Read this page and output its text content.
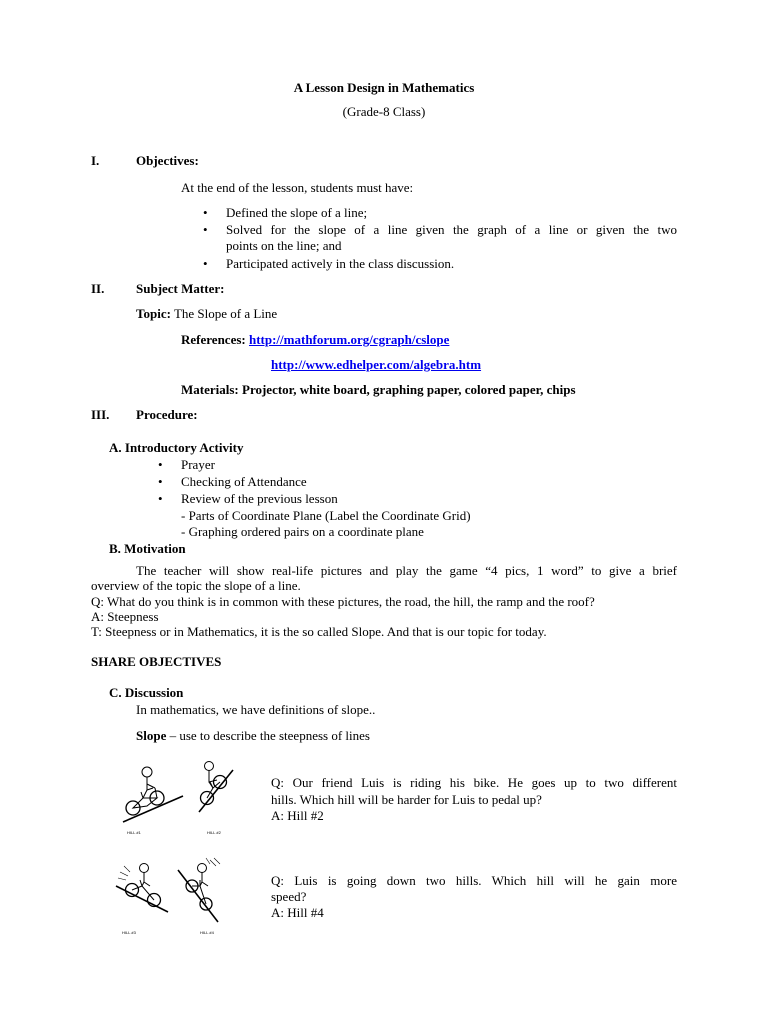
A Lesson Design in Mathematics
(Grade-8 Class)
I.	Objectives:
At the end of the lesson, students must have:
• Defined the slope of a line;
• Solved for the slope of a line given the graph of a line or given the two
points on the line; and
• Participated actively in the class discussion.
II. Subject Matter:
Topic: The Slope of a Line
References: http://mathforum.org/cgraph/cslope
http://www.edhelper.com/algebra.htm
Materials: Projector, white board, graphing paper, colored paper, chips
III. Procedure:
A. Introductory Activity
• Prayer
• Checking of Attendance
• Review of the previous lesson
- Parts of Coordinate Plane (Label the Coordinate Grid)
- Graphing ordered pairs on a coordinate plane
B. Motivation
The teacher will show real-life pictures and play the game “4 pics, 1 word” to give a brief
overview of the topic the slope of a line.
Q: What do you think is in common with these pictures, the road, the hill, the ramp and the roof?
A: Steepness
T: Steepness or in Mathematics, it is the so called Slope. And that is our topic for today.
SHARE OBJECTIVES
C. Discussion
In mathematics, we have definitions of slope..
Slope – use to describe the steepness of lines
HILL #1	HILL #2
Q: Our friend Luis is riding his bike. He goes up to two different
hills. Which hill will be harder for Luis to pedal up?
A: Hill #2
HILL #3	HILL #4
Q: Luis is going down two hills. Which hill will he gain more
speed?
A: Hill #4
